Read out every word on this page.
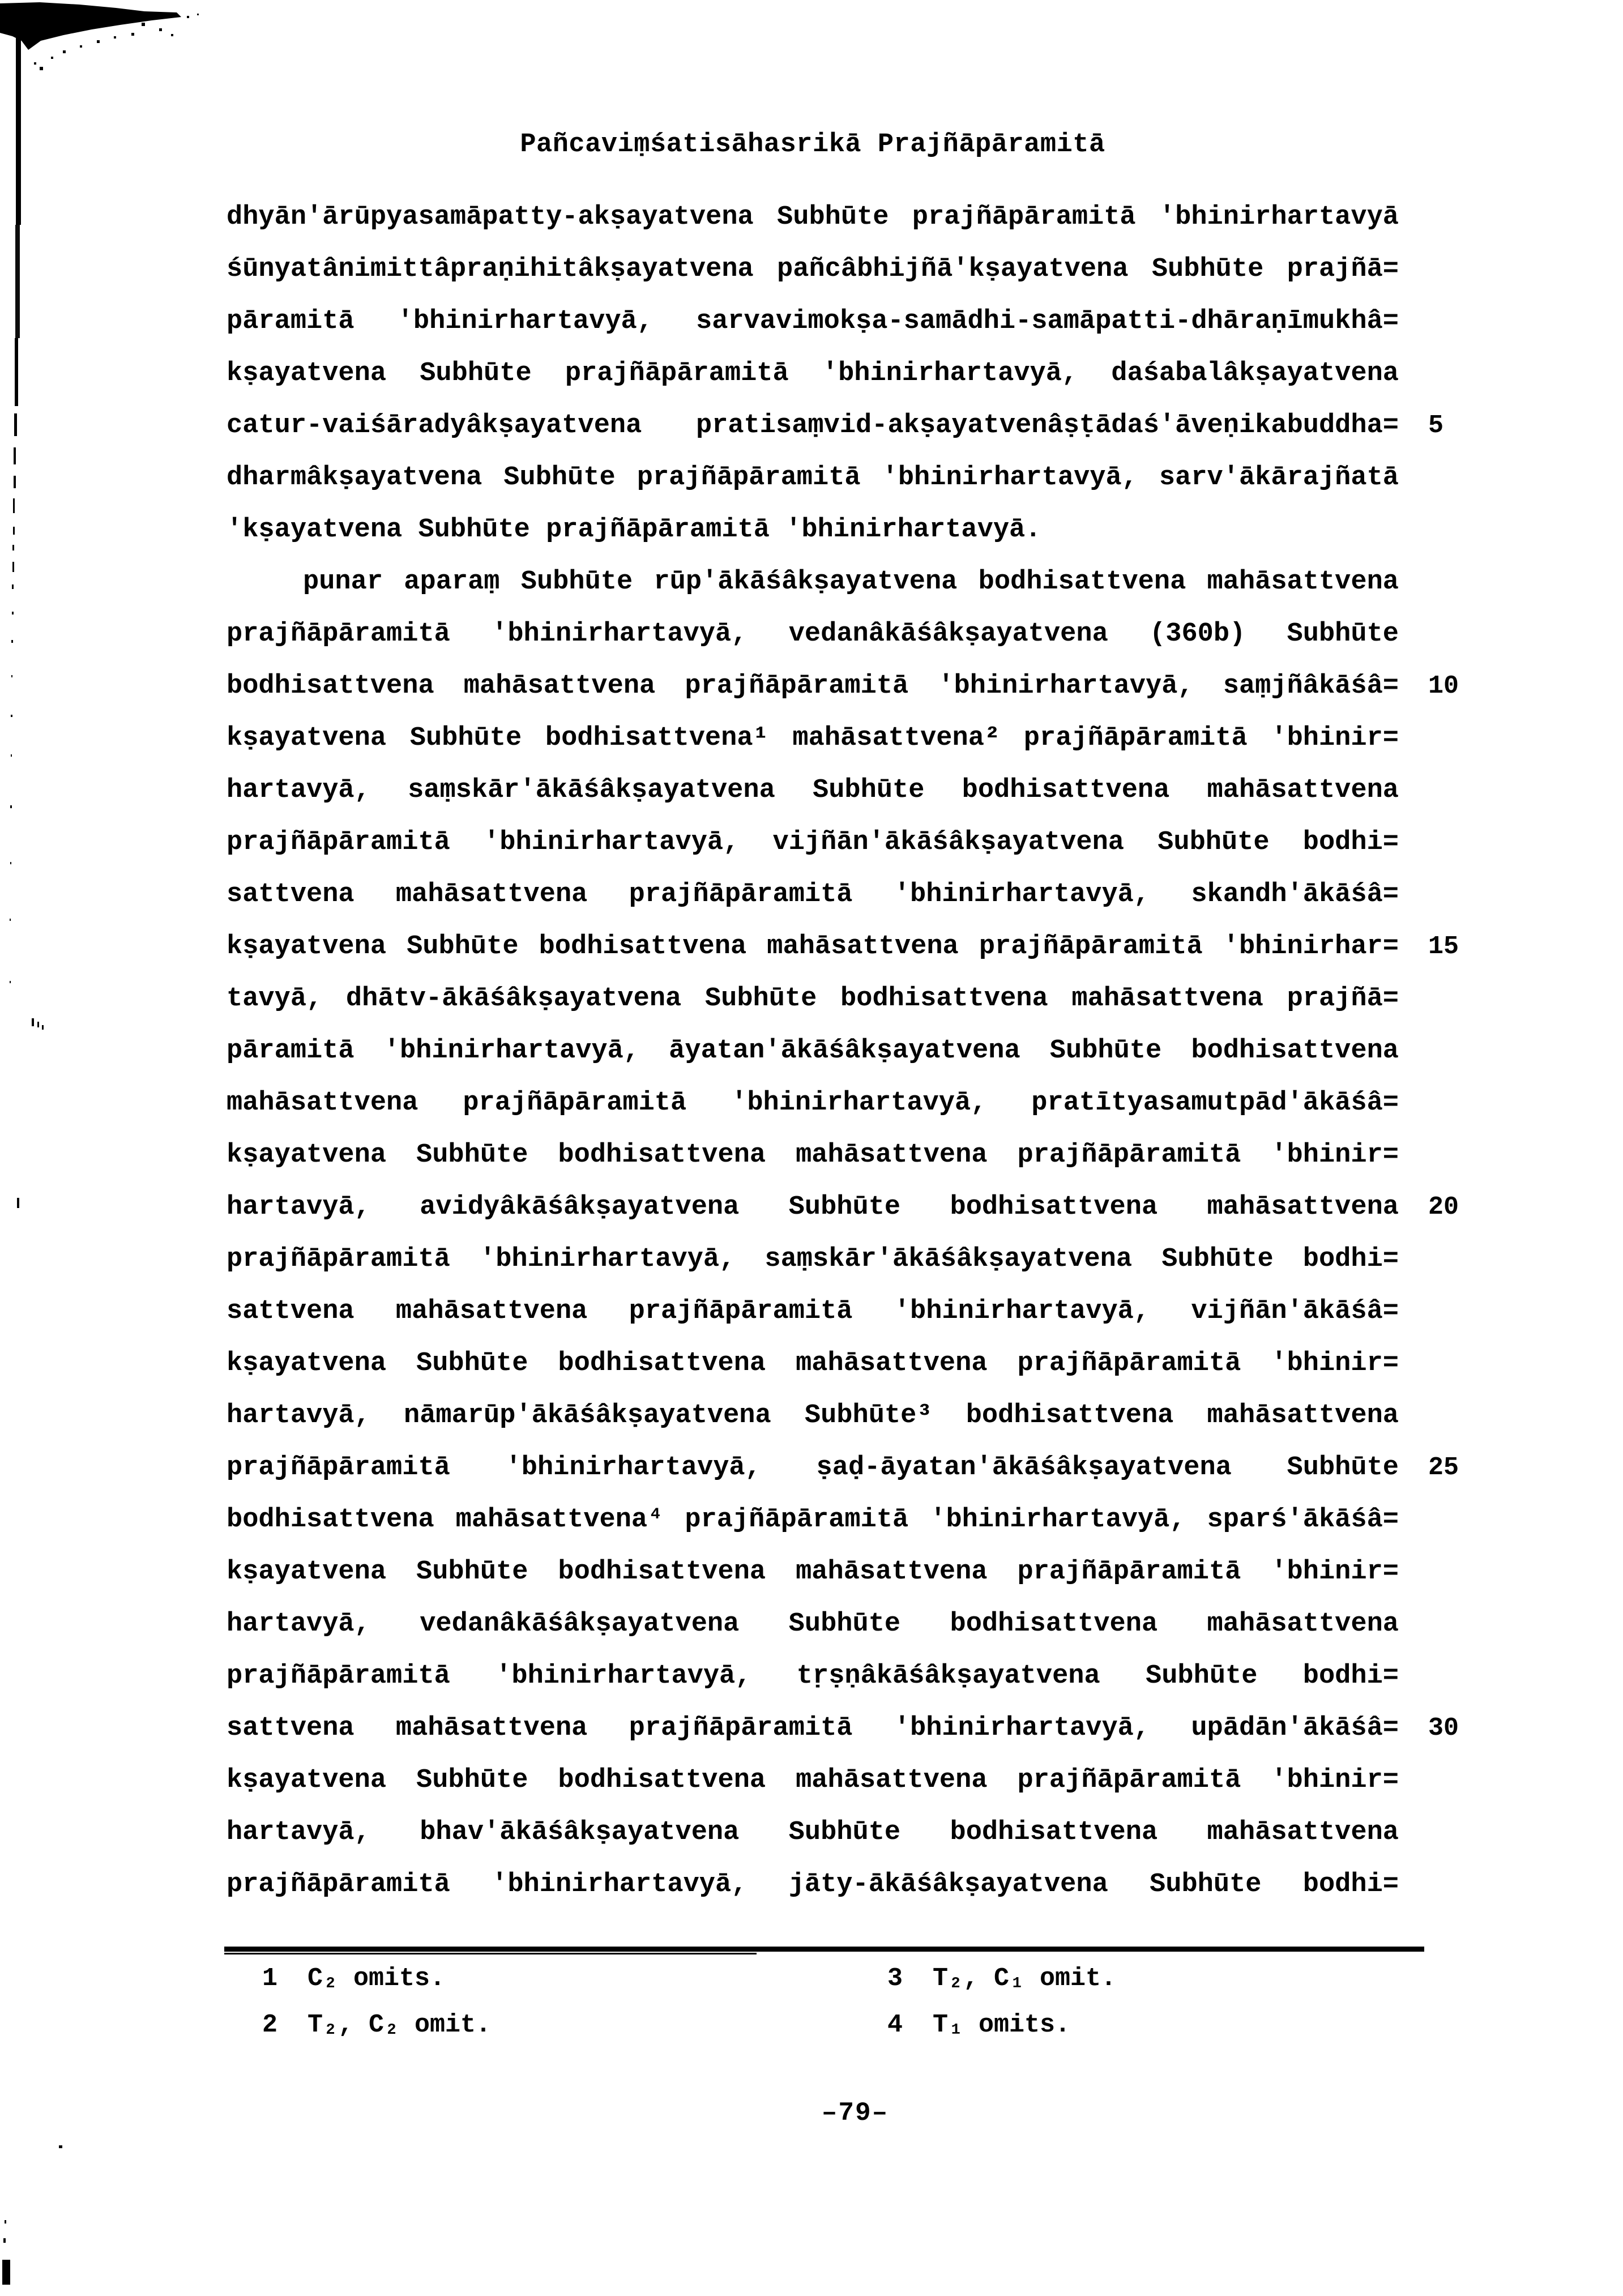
Pañcaviṃśatisāhasrikā Prajñāpāramitā
dhyān'ārūpyasamāpatty-akṣayatvena Subhūte prajñāpāramitā 'bhinirhartavyā
śūnyatânimittâpraṇihitâkṣayatvena pañcâbhijñā'kṣayatvena Subhūte prajñā=
pāramitā 'bhinirhartavyā, sarvavimokṣa-samādhi-samāpatti-dhāraṇīmukhâ=
kṣayatvena Subhūte prajñāpāramitā 'bhinirhartavyā, daśabalâkṣayatvena
catur-vaiśāradyâkṣayatvena pratisaṃvid-akṣayatvenâṣṭādaś'āveṇikabuddha= 5
dharmâkṣayatvena Subhūte prajñāpāramitā 'bhinirhartavyā, sarv'ākārajñatā
'kṣayatvena Subhūte prajñāpāramitā 'bhinirhartavyā.
punar aparaṃ Subhūte rūp'ākāśâkṣayatvena bodhisattvena mahāsattvena
prajñāpāramitā 'bhinirhartavyā, vedanâkāśâkṣayatvena (360b) Subhūte
bodhisattvena mahāsattvena prajñāpāramitā 'bhinirhartavyā, saṃjñâkāśâ= 10
kṣayatvena Subhūte bodhisattvena¹ mahāsattvena² prajñāpāramitā 'bhinir=
hartavyā, saṃskār'ākāśâkṣayatvena Subhūte bodhisattvena mahāsattvena
prajñāpāramitā 'bhinirhartavyā, vijñān'ākāśâkṣayatvena Subhūte bodhi=
sattvena mahāsattvena prajñāpāramitā 'bhinirhartavyā, skandh'ākāśâ=
kṣayatvena Subhūte bodhisattvena mahāsattvena prajñāpāramitā 'bhinirhar= 15
tavyā, dhātv-ākāśâkṣayatvena Subhūte bodhisattvena mahāsattvena prajñā=
pāramitā 'bhinirhartavyā, āyatan'ākāśâkṣayatvena Subhūte bodhisattvena
mahāsattvena prajñāpāramitā 'bhinirhartavyā, pratītyasamutpād'ākāśâ=
kṣayatvena Subhūte bodhisattvena mahāsattvena prajñāpāramitā 'bhinir=
hartavyā, avidyâkāśâkṣayatvena Subhūte bodhisattvena mahāsattvena 20
prajñāpāramitā 'bhinirhartavyā, saṃskār'ākāśâkṣayatvena Subhūte bodhi=
sattvena mahāsattvena prajñāpāramitā 'bhinirhartavyā, vijñān'ākāśâ=
kṣayatvena Subhūte bodhisattvena mahāsattvena prajñāpāramitā 'bhinir=
hartavyā, nāmarūp'ākāśâkṣayatvena Subhūte³ bodhisattvena mahāsattvena
prajñāpāramitā 'bhinirhartavyā, ṣaḍ-āyatan'ākāśâkṣayatvena Subhūte 25
bodhisattvena mahāsattvena⁴ prajñāpāramitā 'bhinirhartavyā, sparś'ākāśâ=
kṣayatvena Subhūte bodhisattvena mahāsattvena prajñāpāramitā 'bhinir=
hartavyā, vedanâkāśâkṣayatvena Subhūte bodhisattvena mahāsattvena
prajñāpāramitā 'bhinirhartavyā, tṛṣṇâkāśâkṣayatvena Subhūte bodhi=
sattvena mahāsattvena prajñāpāramitā 'bhinirhartavyā, upādān'ākāśâ= 30
kṣayatvena Subhūte bodhisattvena mahāsattvena prajñāpāramitā 'bhinir=
hartavyā, bhav'ākāśâkṣayatvena Subhūte bodhisattvena mahāsattvena
prajñāpāramitā 'bhinirhartavyā, jāty-ākāśâkṣayatvena Subhūte bodhi=
1 C₂ omits.
2 T₂, C₂ omit.
3 T₂, C₁ omit.
4 T₁ omits.
–79–
